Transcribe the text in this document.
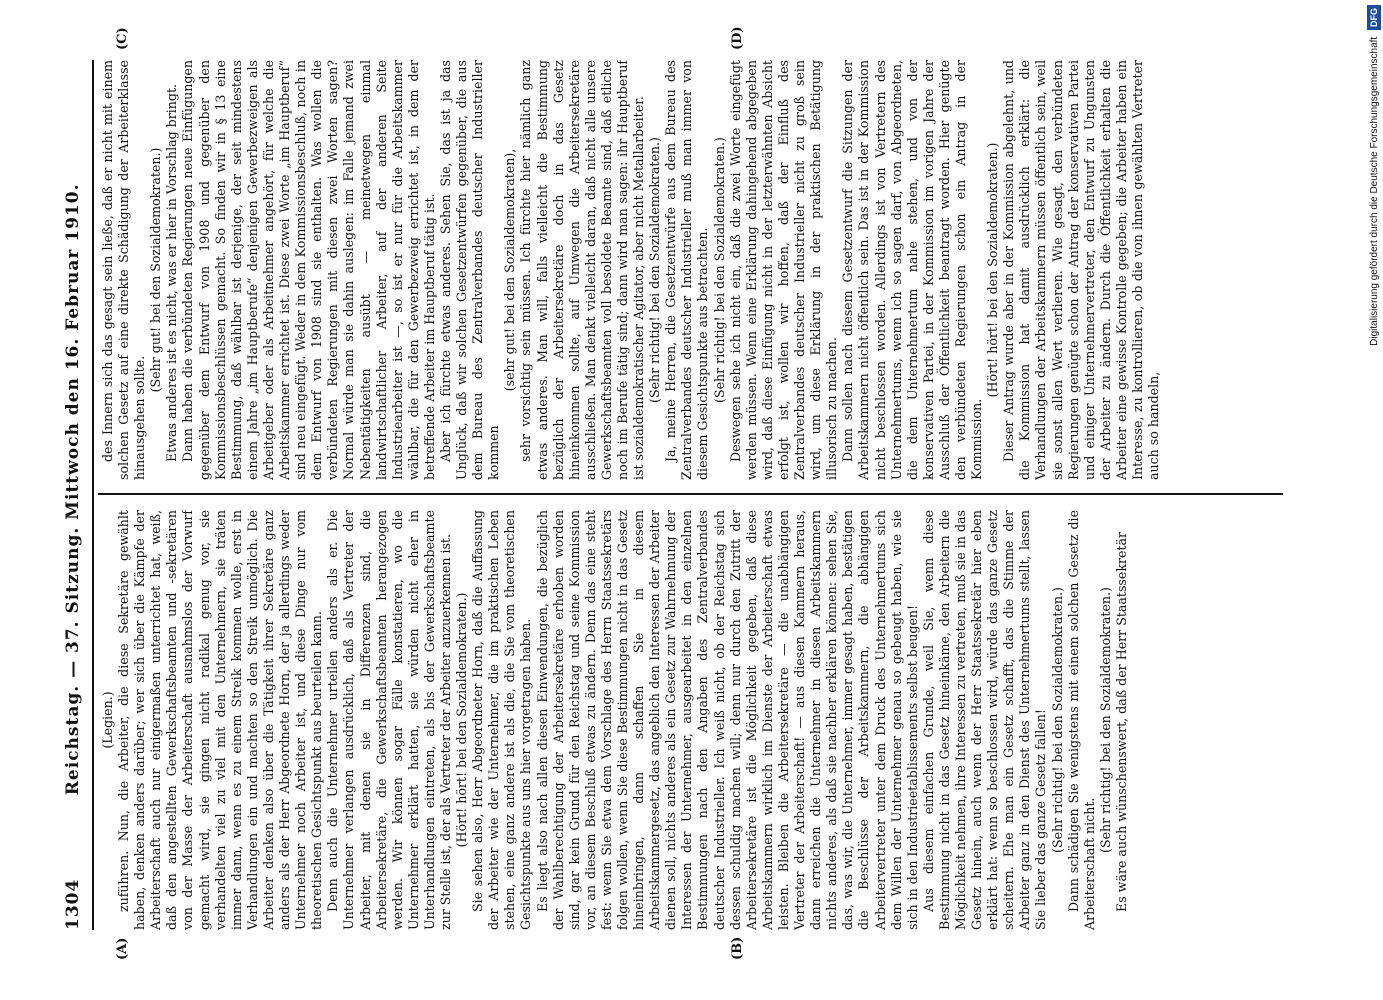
1304
Reichstag. — 37. Sitzung. Mittwoch den 16. Februar 1910. (Legien.) zuführen. Nun, die Arbeiter, die diese Sekretäre gewählt haben, denken anders darüber; wer sich über die Kämpfe der Arbeiterschaft auch nur einigermaßen unterrichtet hat, weiß, daß den angestellten Gewerkschaftsbeamten und -sekretären von der Masse der Arbeiterschaft ausnahmslos der Vorwurf gemacht wird, sie gingen nicht radikal genug vor, sie verhandelten viel zu viel mit den Unternehmern, sie träten immer dann, wenn es zu einem Streik kommen wolle, erst in Verhandlungen ein und machten so den Streik unmöglich. Die Arbeiter denken also über die Tätigkeit ihrer Sekretäre ganz anders als der Herr Abgeordnete Horn, der ja allerdings weder Unternehmer noch Arbeiter ist, und diese Dinge nur vom theoretischen Gesichtspunkt aus beurteilen kann. Denn auch die Unternehmer urteilen anders als er. Die Unternehmer verlangen ausdrücklich, daß als Vertreter der Arbeiter, mit denen sie in Differenzen sind, die Arbeitersekretäre, die Gewerkschaftsbeamten herangezogen werden. Wir können sogar Fälle konstatieren, wo die Unternehmer erklärt hatten, sie würden nicht eher in Unterhandlungen eintreten, als bis der Gewerkschaftsbeamte zur Stelle ist, der als Vertreter der Arbeiter anzuerkennen ist. (Hört! hört! bei den Sozialdemokraten.) Sie sehen also, Herr Abgeordneter Horn, daß die Auffassung der Arbeiter wie der Unternehmer, die im praktischen Leben stehen, eine ganz andere ist als die, die Sie vom theoretischen Gesichtspunkte aus uns hier vorgetragen haben. Es liegt also nach allen diesen Einwendungen, die bezüglich der Wahlberechtigung der Arbeitersekretäre erhoben worden sind, gar kein Grund für den Reichstag und seine Kommission vor, an diesem Beschluß etwas zu ändern. Denn das eine steht fest: wenn Sie etwa dem Vorschlage des Herrn Staatssekretärs folgen wollen, wenn Sie diese Bestimmungen nicht in das Gesetz hineinbringen, dann schaffen Sie in diesem Arbeitskammergesetz, das angeblich den Interessen der Arbeiter dienen soll, nichts anderes als ein Gesetz zur Wahrnehmung der Interessen der Unternehmer, ausgearbeitet in den einzelnen Bestimmungen nach den Angaben des Zentralverbandes deutscher Industrieller. Ich weiß nicht, ob der Reichstag sich dessen schuldig machen will; denn nur durch den Zutritt der Arbeitersekretäre ist die Möglichkeit gegeben, daß diese Arbeitskammern wirklich im Dienste der Arbeiterschaft etwas leisten. Bleiben die Arbeitersekretäre — die unabhängigen Vertreter der Arbeiterschaft! — aus diesen Kammern heraus, dann erreichen die Unternehmer in diesen Arbeitskammern nichts anderes, als daß sie nachher erklären können: sehen Sie, das, was wir, die Unternehmer, immer gesagt haben, bestätigen die Beschlüsse der Arbeitskammern, die abhängigen Arbeitervertreter unter dem Druck des Unternehmertums sich dem Willen der Unternehmer genau so gebeugt haben, wie sie sich in den Industrieetablissements selbst beugen! Aus diesem einfachen Grunde, weil Sie, wenn diese Bestimmung nicht in das Gesetz hineinkäme, den Arbeitern die Möglichkeit nehmen, ihre Interessen zu vertreten, muß sie in das Gesetz hinein, auch wenn der Herr Staatssekretär hier eben erklärt hat: wenn so beschlossen wird, würde das ganze Gesetz scheitern. Ehe man ein Gesetz schafft, das die Stimme der Arbeiter ganz in den Dienst des Unternehmertums stellt, lassen Sie lieber das ganze Gesetz fallen! (Sehr richtig! bei den Sozialdemokraten.) Dann schädigen Sie wenigstens mit einem solchen Gesetz die Arbeiterschaft nicht.

(Sehr richtig! bei den Sozialdemokraten.) Es wäre auch wünschenswert, daß der Herr Staatssekretär

des Innern sich das gesagt sein ließe, daß er nicht mit einem solchen Gesetz auf eine direkte Schädigung der Arbeiterklasse hinausgehen sollte.

(Sehr gut! bei den Sozialdemokraten.) Etwas anderes ist es nicht, was er hier in Vorschlag bringt. Dann haben die verbündeten Regierungen neue Einfügungen gegenüber dem Entwurf von 1908 und gegenüber den Kommissionsbeschlüssen gemacht. So finden wir in § 13 eine Bestimmung, daß wählbar ist derjenige, der seit mindestens einem Jahre „im Hauptberufe“ denjenigen Gewerbezweigen als Arbeitgeber oder als Arbeitnehmer angehört, für welche die Arbeitskammer errichtet ist. Diese zwei Worte „im Hauptberuf“ sind neu eingefügt. Weder in dem Kommissionsbeschluß, noch in dem Entwurf von 1908 sind sie enthalten. Was wollen die verbündeten Regierungen mit diesen zwei Worten sagen? Normal würde man sie dahin auslegen: im Falle jemand zwei Nebentätigkeiten ausübt — meinetwegen einmal landwirtschaftlicher Arbeiter, auf der anderen Seite Industriearbeiter ist —, so ist er nur für die Arbeitskammer wählbar, die für den Gewerbezweig errichtet ist, in dem der betreffende Arbeiter im Hauptberuf tätig ist. Aber ich fürchte etwas anderes. Sehen Sie, das ist ja das Unglück, daß wir solchen Gesetzentwürfen gegenüber, die aus dem Bureau des Zentralverbandes deutscher Industrieller kommen

(sehr gut! bei den Sozialdemokraten), sehr vorsichtig sein müssen. Ich fürchte hier nämlich ganz etwas anderes. Man will, falls vielleicht die Bestimmung bezüglich der Arbeitersekretäre doch in das Gesetz hineinkommen sollte, auf Umwegen die Arbeitersekretäre ausschließen. Man denkt vielleicht daran, daß nicht alle unsere Gewerkschaftsbeamten voll besoldete Beamte sind, daß etliche noch im Berufe tätig sind; dann wird man sagen: ihr Hauptberuf ist sozialdemokratischer Agitator, aber nicht Metallarbeiter. (Sehr richtig! bei den Sozialdemokraten.) Ja, meine Herren, die Gesetzentwürfe aus dem Bureau des Zentralverbandes deutscher Industrieller muß man immer von diesem Gesichtspunkte aus betrachten. (Sehr richtig! bei den Sozialdemokraten.) Deswegen sehe ich nicht ein, daß die zwei Worte eingefügt werden müssen. Wenn eine Erklärung dahingehend abgegeben wird, daß diese Einfügung nicht in der letzterwähnten Absicht erfolgt ist, wollen wir hoffen, daß der Einfluß des Zentralverbandes deutscher Industrieller nicht zu groß sein wird, um diese Erklärung in der praktischen Betätigung illusorisch zu machen. Dann sollen nach diesem Gesetzentwurf die Sitzungen der Arbeitskammern nicht öffentlich sein. Das ist in der Kommission nicht beschlossen worden. Allerdings ist von Vertretern des Unternehmertums, wenn ich so sagen darf, von Abgeordneten, die dem Unternehmertum nahe stehen, und von der konservativen Partei, in der Kommission im vorigen Jahre der Ausschluß der Öffentlichkeit beantragt worden. Hier genügte den verbündeten Regierungen schon ein Antrag in der Kommission.

(Hört! hört! bei den Sozialdemokraten.) Dieser Antrag wurde aber in der Kommission abgelehnt, und die Kommission hat damit ausdrücklich erklärt: die Verhandlungen der Arbeitskammern müssen öffentlich sein, weil sie sonst allen Wert verlieren. Wie gesagt, den verbündeten Regierungen genügte schon der Antrag der konservativen Partei und einiger Unternehmervertreter, den Entwurf zu Ungunsten der Arbeiter zu ändern. Durch die Öffentlichkeit erhalten die Arbeiter eine gewisse Kontrolle gegeben; die Arbeiter haben ein Interesse, zu kontrollieren, ob die von ihnen gewählten Vertreter auch so handeln,

(A)	(B)
(C)	(D)	Digitalisierung gefördert durch die Deutsche Forschungsgemeinschaft DFG
